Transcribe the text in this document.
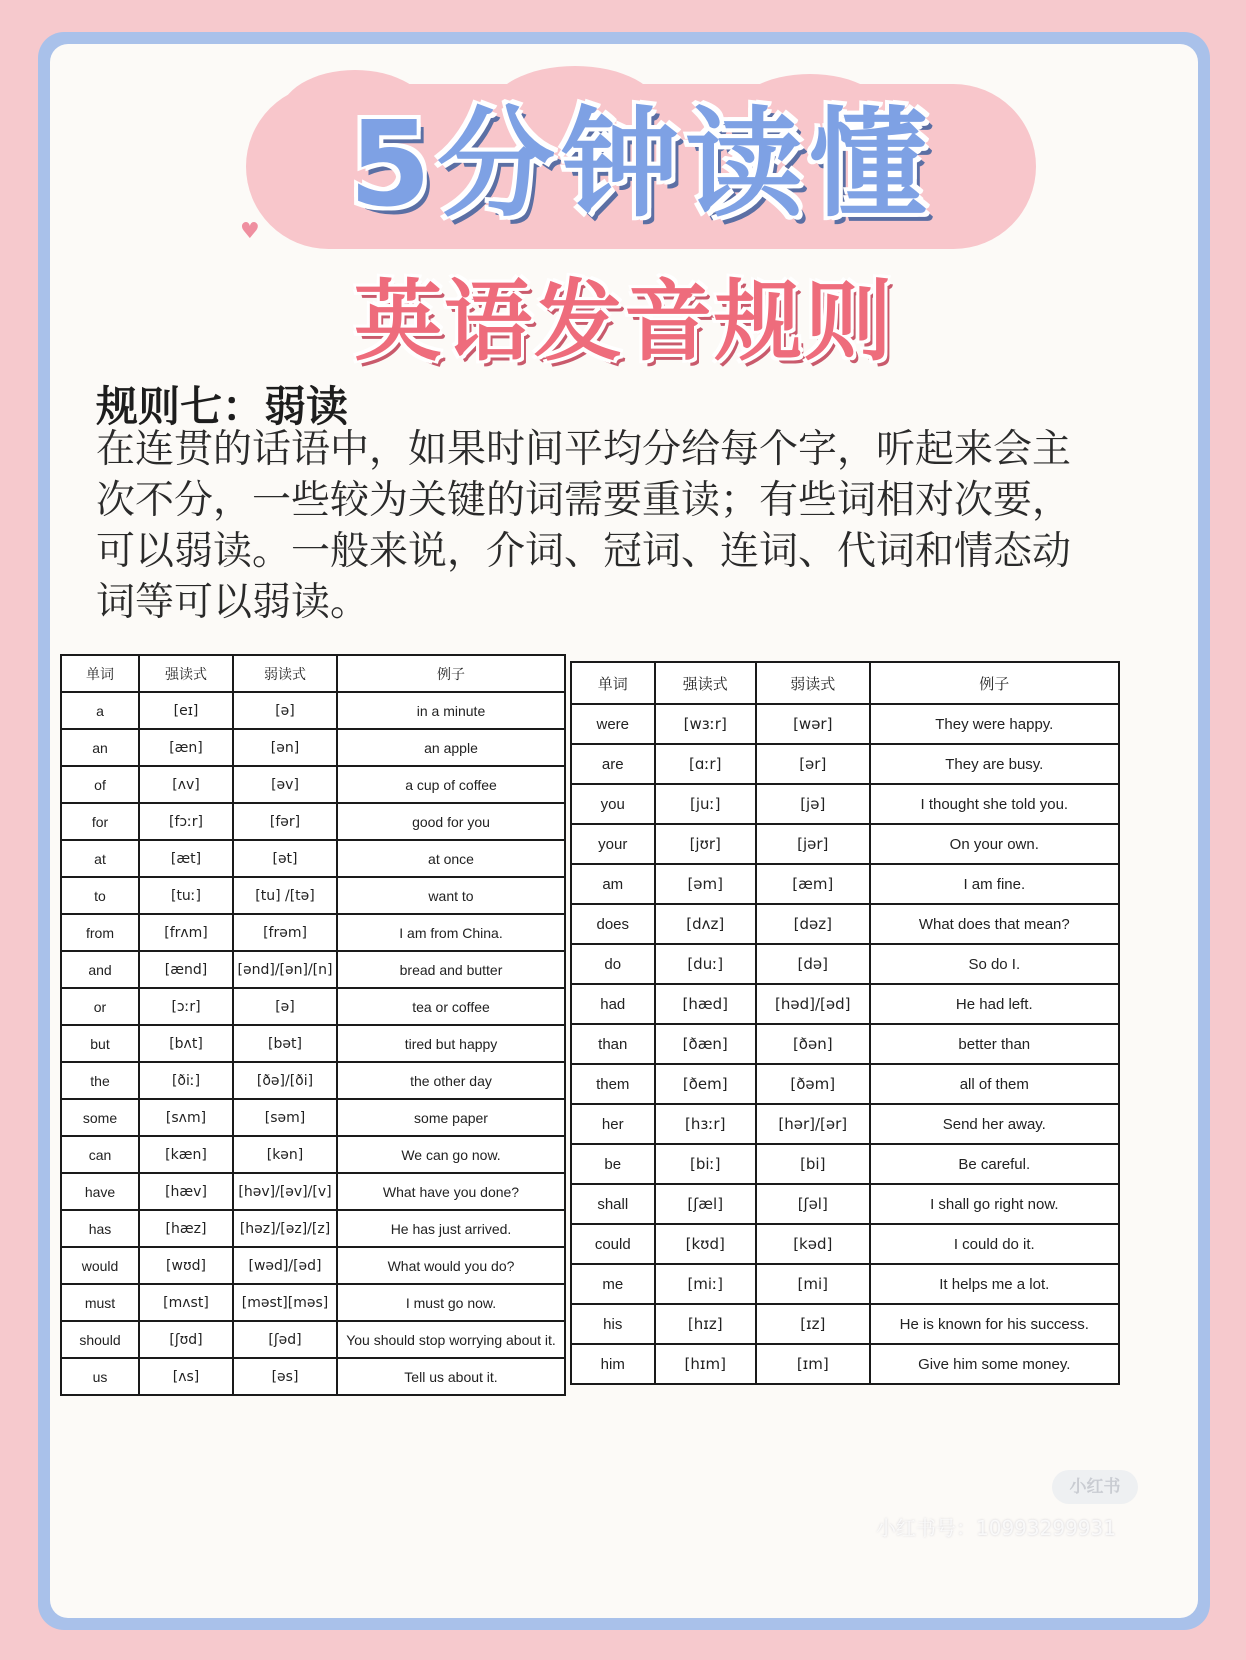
♥ 5分钟读懂
英语发音规则
规则七：弱读
在连贯的话语中，如果时间平均分给每个字，听起来会主次不分，一些较为关键的词需要重读；有些词相对次要，可以弱读。一般来说，介词、冠词、连词、代词和情态动词等可以弱读。
单词	强读式	弱读式	例子
a	[eɪ]	[ə]	in a minute
an	[æn]	[ən]	an apple
of	[ʌv]	[əv]	a cup of coffee
for	[fɔːr]	[fər]	good for you
at	[æt]	[ət]	at once
to	[tuː]	[tu] /[tə]	want to
from	[frʌm]	[frəm]	I am from China.
and	[ænd]	[ənd]/[ən]/[n]	bread and butter
or	[ɔːr]	[ə]	tea or coffee
but	[bʌt]	[bət]	tired but happy
the	[ðiː]	[ðə]/[ði]	the other day
some	[sʌm]	[səm]	some paper
can	[kæn]	[kən]	We can go now.
have	[hæv]	[həv]/[əv]/[v]	What have you done?
has	[hæz]	[həz]/[əz]/[z]	He has just arrived.
would	[wʊd]	[wəd]/[əd]	What would you do?
must	[mʌst]	[məst][məs]	I must go now.
should	[ʃʊd]	[ʃəd]	You should stop worrying about it.
us	[ʌs]	[əs]	Tell us about it.
单词	强读式	弱读式	例子
were	[wɜːr]	[wər]	They were happy.
are	[ɑːr]	[ər]	They are busy.
you	[juː]	[jə]	I thought she told you.
your	[jʊr]	[jər]	On your own.
am	[əm]	[æm]	I am fine.
does	[dʌz]	[dəz]	What does that mean?
do	[duː]	[də]	So do I.
had	[hæd]	[həd]/[əd]	He had left.
than	[ðæn]	[ðən]	better than
them	[ðem]	[ðəm]	all of them
her	[hɜːr]	[hər]/[ər]	Send her away.
be	[biː]	[bi]	Be careful.
shall	[ʃæl]	[ʃəl]	I shall go right now.
could	[kʊd]	[kəd]	I could do it.
me	[miː]	[mi]	It helps me a lot.
his	[hɪz]	[ɪz]	He is known for his success.
him	[hɪm]	[ɪm]	Give him some money.
小红书
小红书号：10993299931
